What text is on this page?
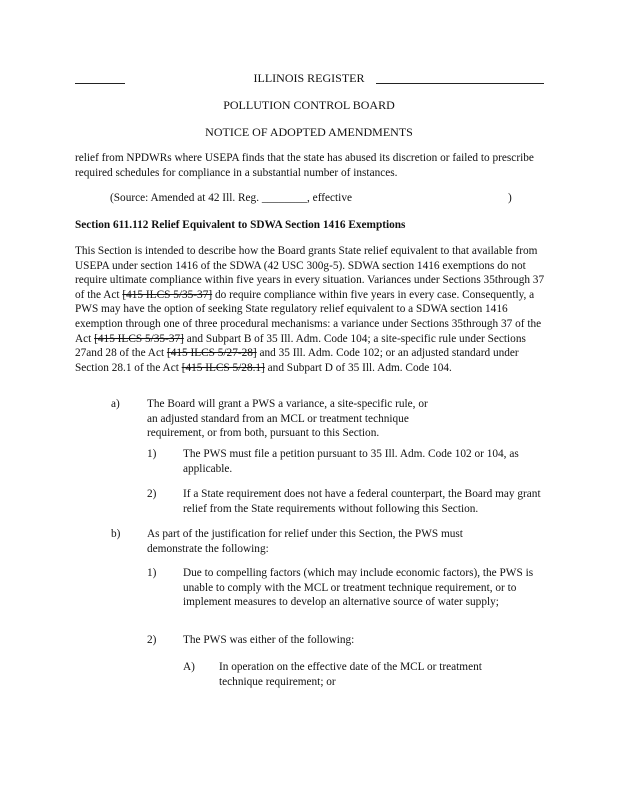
ILLINOIS REGISTER
POLLUTION CONTROL BOARD
NOTICE OF ADOPTED AMENDMENTS
relief from NPDWRs where USEPA finds that the state has abused its discretion or failed to prescribe required schedules for compliance in a substantial number of instances.
(Source: Amended at 42 Ill. Reg. ________, effective	)
Section 611.112 Relief Equivalent to SDWA Section 1416 Exemptions
This Section is intended to describe how the Board grants State relief equivalent to that available from USEPA under section 1416 of the SDWA (42 USC 300g-5). SDWA section 1416 exemptions do not require ultimate compliance within five years in every situation. Variances under Sections 35through 37 of the Act [415 ILCS 5/35-37] do require compliance within five years in every case. Consequently, a PWS may have the option of seeking State regulatory relief equivalent to a SDWA section 1416 exemption through one of three procedural mechanisms: a variance under Sections 35through 37 of the Act [415 ILCS 5/35-37] and Subpart B of 35 Ill. Adm. Code 104; a site-specific rule under Sections 27and 28 of the Act [415 ILCS 5/27-28] and 35 Ill. Adm. Code 102; or an adjusted standard under Section 28.1 of the Act [415 ILCS 5/28.1] and Subpart D of 35 Ill. Adm. Code 104.
a) The Board will grant a PWS a variance, a site-specific rule, or an adjusted standard from an MCL or treatment technique requirement, or from both, pursuant to this Section.
1) The PWS must file a petition pursuant to 35 Ill. Adm. Code 102 or 104, as applicable.
2) If a State requirement does not have a federal counterpart, the Board may grant relief from the State requirements without following this Section.
b) As part of the justification for relief under this Section, the PWS must demonstrate the following:
1) Due to compelling factors (which may include economic factors), the PWS is unable to comply with the MCL or treatment technique requirement, or to implement measures to develop an alternative source of water supply;
2) The PWS was either of the following:
A) In operation on the effective date of the MCL or treatment technique requirement; or
